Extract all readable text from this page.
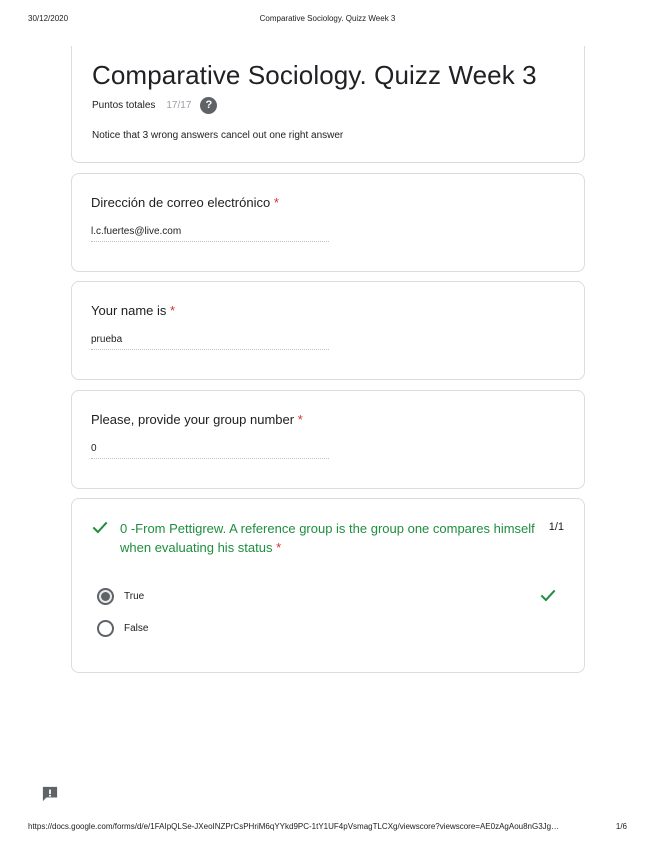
30/12/2020	Comparative Sociology. Quizz Week 3
Comparative Sociology. Quizz Week 3
Puntos totales 17/17	?
Notice that 3 wrong answers cancel out one right answer
Dirección de correo electrónico *
l.c.fuertes@live.com
Your name is *
prueba
Please, provide your group number *
0
0 -From Pettigrew. A reference group is the group one compares himself when evaluating his status *
1/1
True
False
https://docs.google.com/forms/d/e/1FAIpQLSe-JXeoINZPrCsPHriM6qYYkd9PC-1tY1UF4pVsmagTLCXg/viewscore?viewscore=AE0zAgAou8nG3Jg…	1/6
